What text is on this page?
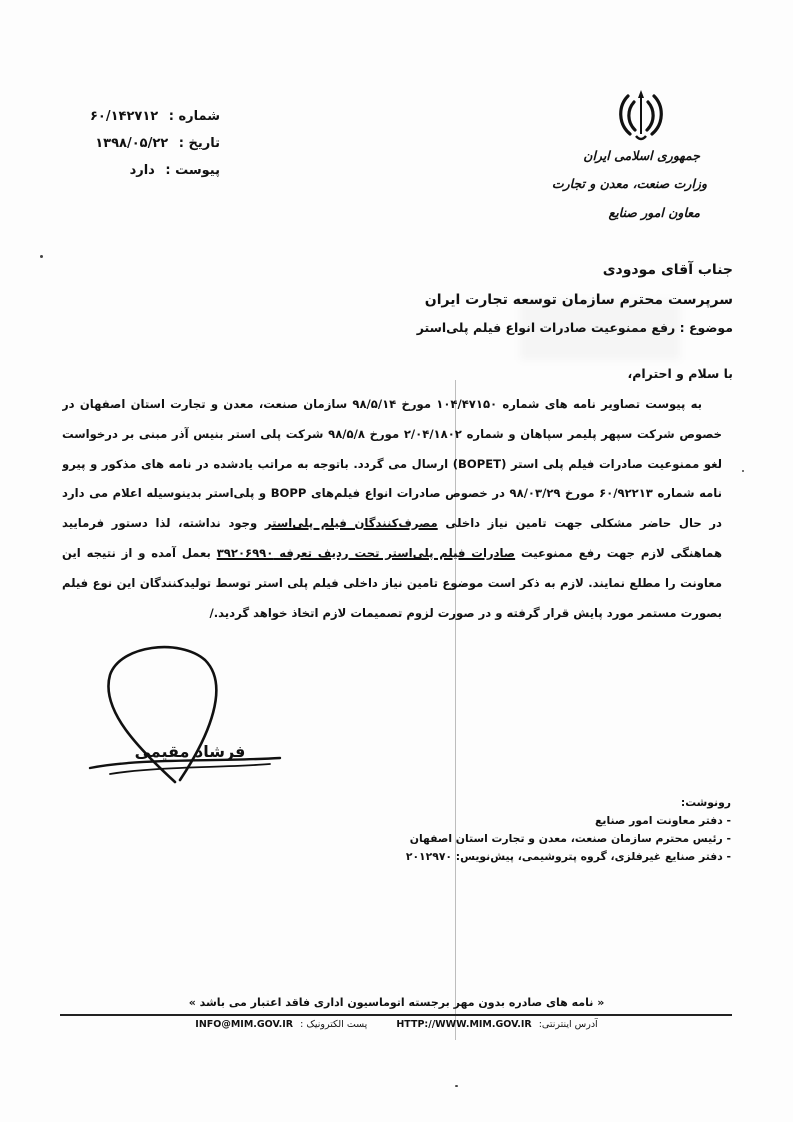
جمهوری اسلامی ایران
وزارت صنعت، معدن و تجارت
معاون امور صنایع
شماره : ۶۰/۱۴۲۷۱۲
تاریخ : ۱۳۹۸/۰۵/۲۲
پیوست : دارد
جناب آقای مودودی
سرپرست محترم سازمان توسعه تجارت ایران
موضوع : رفع ممنوعیت صادرات انواع فیلم پلی‌استر
با سلام و احترام،
به پیوست تصاویر نامه های شماره ۱۰۴/۴۷۱۵۰ مورخ ۹۸/۵/۱۴ سازمان صنعت، معدن و تجارت استان اصفهان در
خصوص شرکت سپهر پلیمر سپاهان و شماره ۲/۰۴/۱۸۰۲ مورخ ۹۸/۵/۸ شرکت پلی استر بنیس آذر مبنی بر درخواست
لغو ممنوعیت صادرات فیلم پلی استر (BOPET) ارسال می گردد. باتوجه به مراتب یادشده در نامه های مذکور و پیرو
نامه شماره ۶۰/۹۲۲۱۳ مورخ ۹۸/۰۳/۲۹ در خصوص صادرات انواع فیلم‌های BOPP و پلی‌استر بدینوسیله اعلام می دارد
در حال حاضر مشکلی جهت تامین نیاز داخلی مصرف‌کنندگان فیلم پلی‌استر وجود نداشته، لذا دستور فرمایید
هماهنگی لازم جهت رفع ممنوعیت صادرات فیلم پلی‌استر تحت ردیف تعرفه ۳۹۲۰۶۹۹۰ بعمل آمده و از نتیجه این
معاونت را مطلع نمایند. لازم به ذکر است موضوع تامین نیاز داخلی فیلم پلی استر توسط تولیدکنندگان این نوع فیلم
بصورت مستمر مورد پایش قرار گرفته و در صورت لزوم تصمیمات لازم اتخاذ خواهد گردید./
فرشاد مقیمی
رونوشت:
- دفتر معاونت امور صنایع
- رئیس محترم سازمان صنعت، معدن و تجارت استان اصفهان
- دفتر صنایع غیرفلزی، گروه پتروشیمی، پیش‌نویس: ۲۰۱۲۹۷۰
« نامه های صادره بدون مهر برجسته اتوماسیون اداری فاقد اعتبار می باشد »
INFO@MIM.GOV.IR پست الکترونیک :	HTTP://WWW.MIM.GOV.IR آدرس اینترنتی:
